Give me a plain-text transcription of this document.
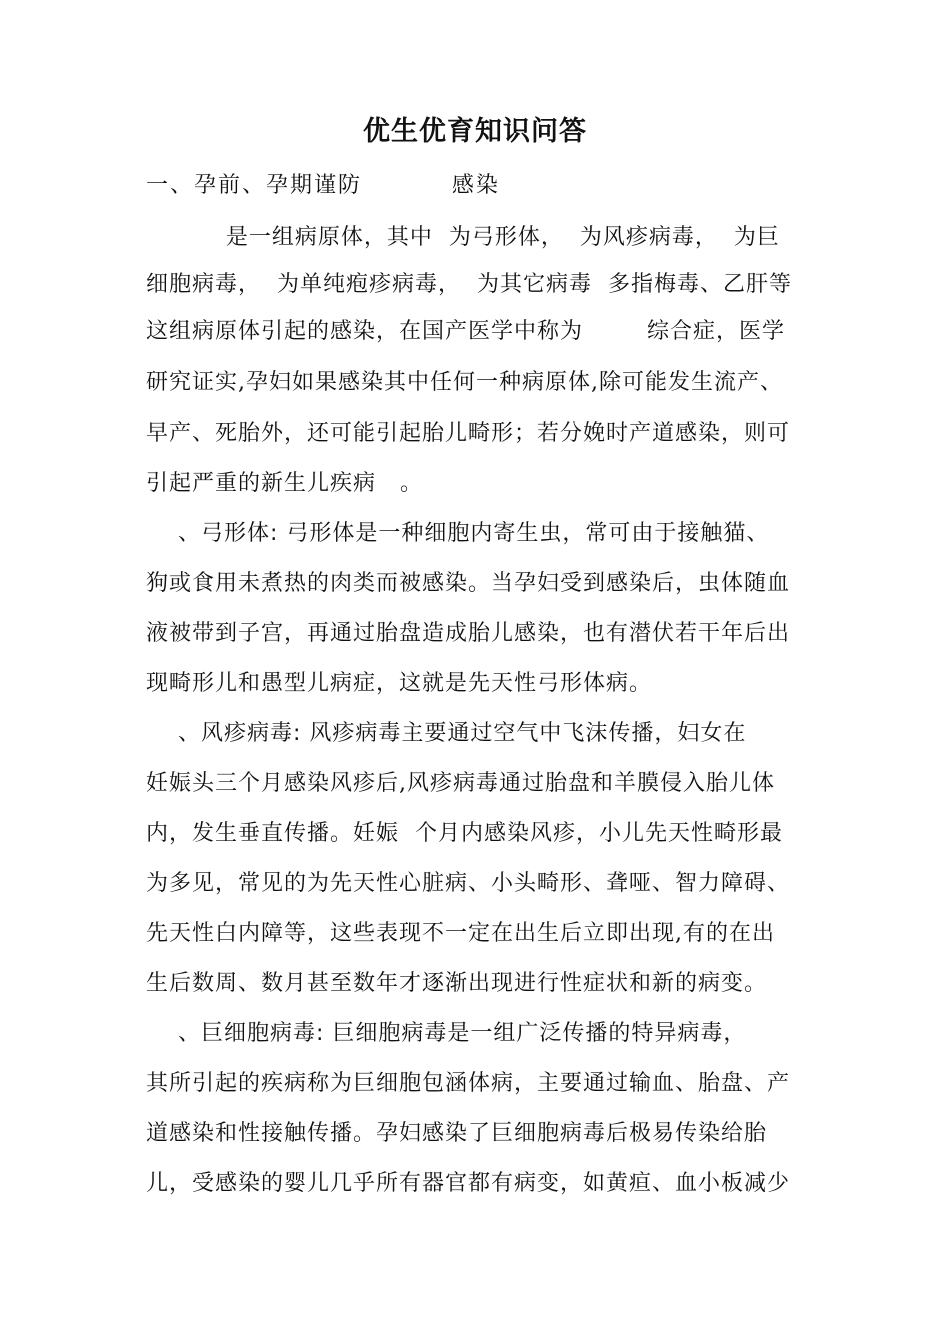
优生优育知识问答
一、孕前、孕期谨防          感染
是一组病原体，其中  为弓形体，  为风疹病毒，  为巨
细胞病毒，  为单纯疱疹病毒，  为其它病毒  多指梅毒、乙肝等
这组病原体引起的感染，在国产医学中称为        综合症，医学
研究证实,孕妇如果感染其中任何一种病原体,除可能发生流产、
早产、死胎外，还可能引起胎儿畸形；若分娩时产道感染，则可
引起严重的新生儿疾病   。
、弓形体: 弓形体是一种细胞内寄生虫，常可由于接触猫、
狗或食用未煮热的肉类而被感染。当孕妇受到感染后，虫体随血
液被带到子宫，再通过胎盘造成胎儿感染，也有潜伏若干年后出
现畸形儿和愚型儿病症，这就是先天性弓形体病。
、风疹病毒: 风疹病毒主要通过空气中飞沫传播，妇女在
妊娠头三个月感染风疹后,风疹病毒通过胎盘和羊膜侵入胎儿体
内，发生垂直传播。妊娠  个月内感染风疹，小儿先天性畸形最
为多见，常见的为先天性心脏病、小头畸形、聋哑、智力障碍、
先天性白内障等，这些表现不一定在出生后立即出现,有的在出
生后数周、数月甚至数年才逐渐出现进行性症状和新的病变。
、巨细胞病毒: 巨细胞病毒是一组广泛传播的特异病毒，
其所引起的疾病称为巨细胞包涵体病，主要通过输血、胎盘、产
道感染和性接触传播。孕妇感染了巨细胞病毒后极易传染给胎
儿，受感染的婴儿几乎所有器官都有病变，如黄疸、血小板减少
